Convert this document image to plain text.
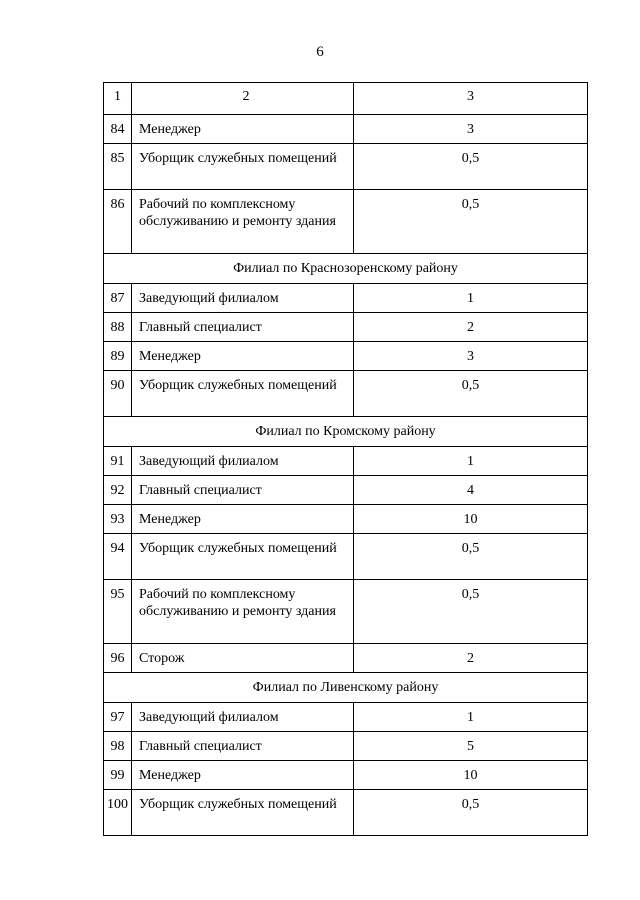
6
1	2	3
84	Менеджер	3
85	Уборщик служебных помещений	0,5
86	Рабочий по комплексному обслуживанию и ремонту здания	0,5
Филиал по Краснозоренскому району		
87	Заведующий филиалом	1
88	Главный специалист	2
89	Менеджер	3
90	Уборщик служебных помещений	0,5
Филиал по Кромскому району		
91	Заведующий филиалом	1
92	Главный специалист	4
93	Менеджер	10
94	Уборщик служебных помещений	0,5
95	Рабочий по комплексному обслуживанию и ремонту здания	0,5
96	Сторож	2
Филиал по Ливенскому району		
97	Заведующий филиалом	1
98	Главный специалист	5
99	Менеджер	10
100	Уборщик служебных помещений	0,5
